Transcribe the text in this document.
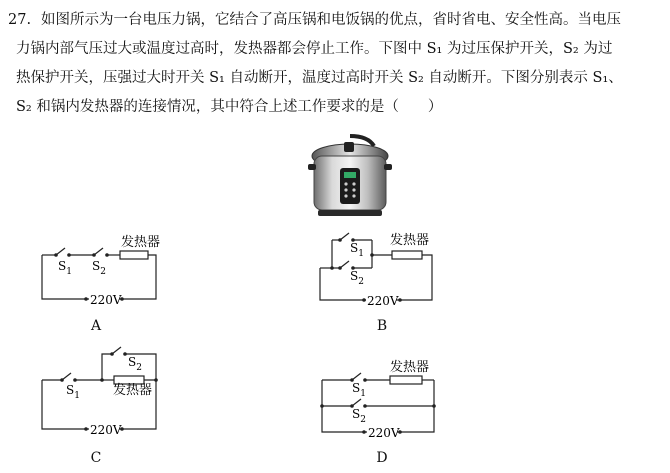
27. 如图所示为一台电压力锅，它结合了高压锅和电饭锅的优点，省时省电、安全性高。当电压
力锅内部气压过大或温度过高时，发热器都会停止工作。下图中 S₁ 为过压保护开关，S₂ 为过
热保护开关，压强过大时开关 S₁ 自动断开，温度过高时开关 S₂ 自动断开。下图分别表示 S₁、
S₂ 和锅内发热器的连接情况，其中符合上述工作要求的是（　　）
发热器
$S_1$ $S_2$
220V
A
发热器
$S_1$
$S_2$
220V
B
发热器
$S_1$
$S_2$
220V
C
发热器
$S_1$
$S_2$
220V
D
